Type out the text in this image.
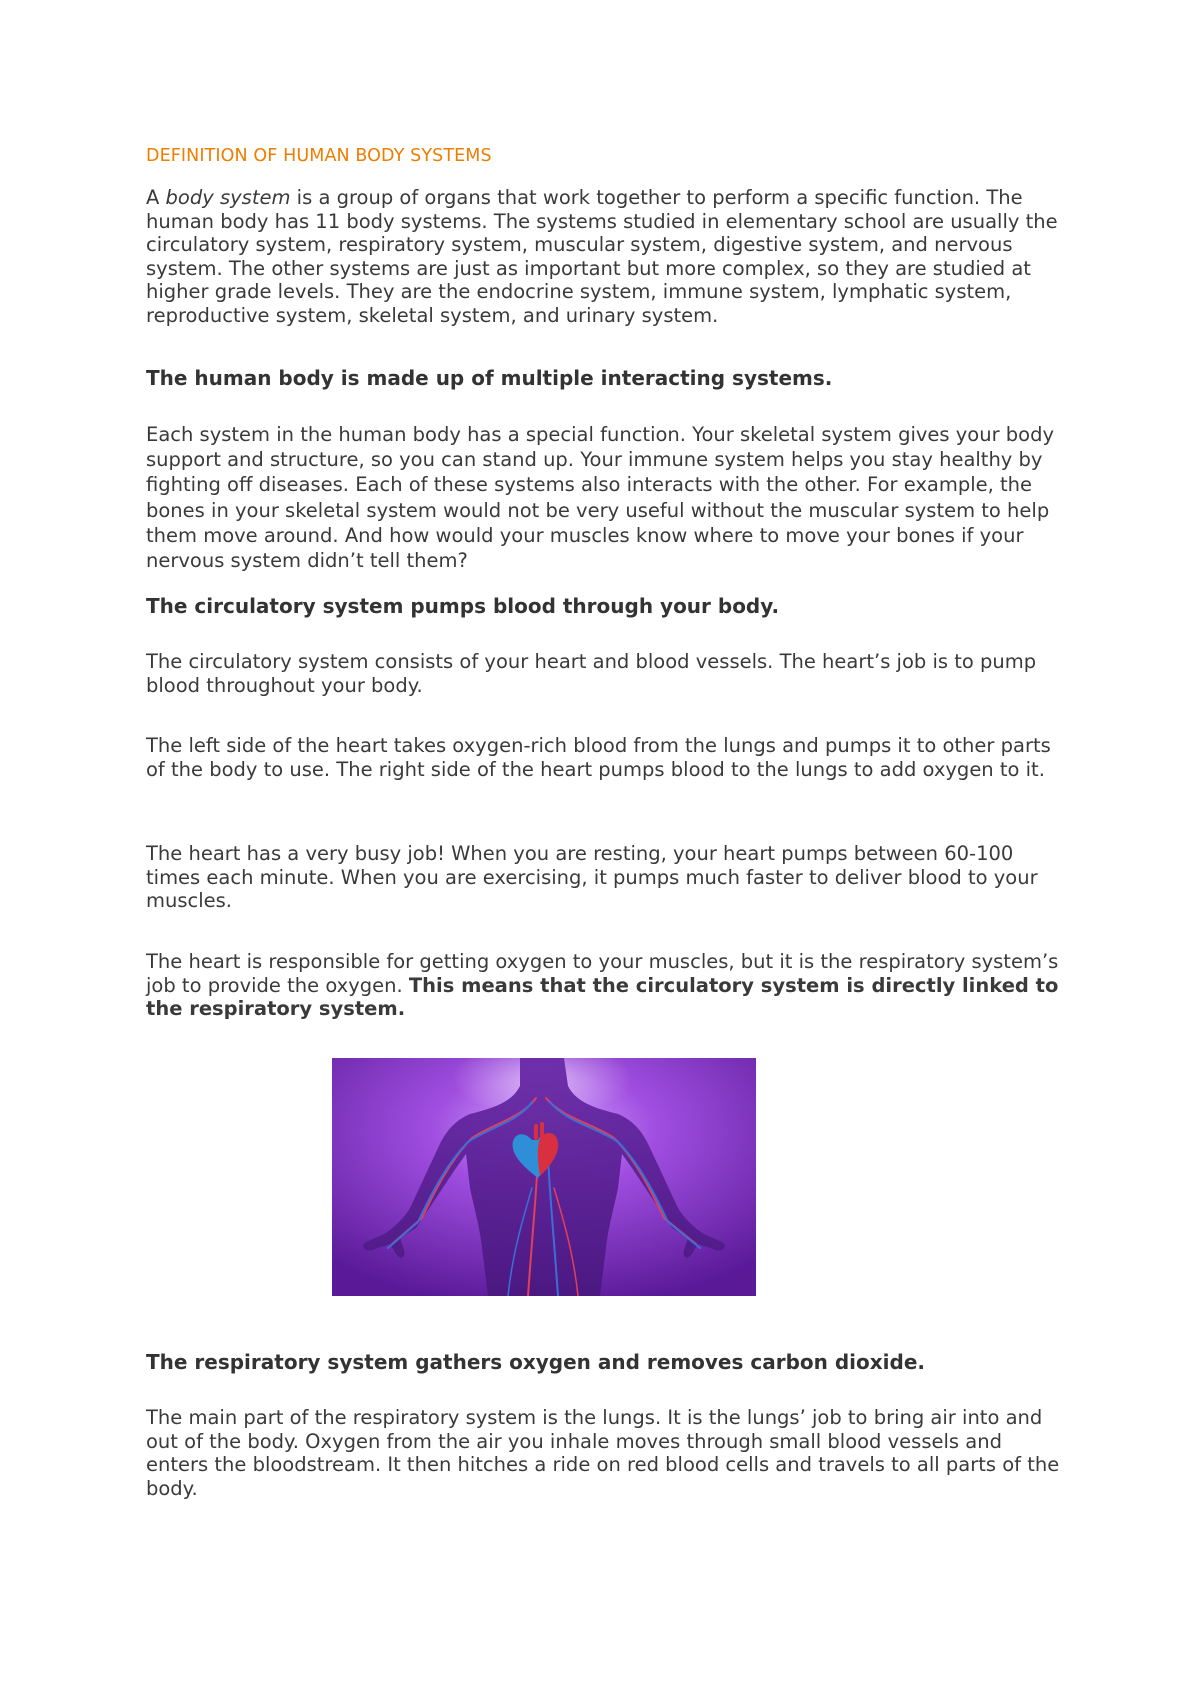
DEFINITION OF HUMAN BODY SYSTEMS

A body system is a group of organs that work together to perform a specific function. The human body has 11 body systems. The systems studied in elementary school are usually the circulatory system, respiratory system, muscular system, digestive system, and nervous system. The other systems are just as important but more complex, so they are studied at higher grade levels. They are the endocrine system, immune system, lymphatic system, reproductive system, skeletal system, and urinary system.

The human body is made up of multiple interacting systems.

Each system in the human body has a special function. Your skeletal system gives your body support and structure, so you can stand up. Your immune system helps you stay healthy by fighting off diseases. Each of these systems also interacts with the other. For example, the bones in your skeletal system would not be very useful without the muscular system to help them move around. And how would your muscles know where to move your bones if your nervous system didn’t tell them?

The circulatory system pumps blood through your body.

The circulatory system consists of your heart and blood vessels. The heart’s job is to pump blood throughout your body.

The left side of the heart takes oxygen-rich blood from the lungs and pumps it to other parts of the body to use. The right side of the heart pumps blood to the lungs to add oxygen to it.

The heart has a very busy job! When you are resting, your heart pumps between 60-100 times each minute. When you are exercising, it pumps much faster to deliver blood to your muscles.

The heart is responsible for getting oxygen to your muscles, but it is the respiratory system’s job to provide the oxygen. This means that the circulatory system is directly linked to the respiratory system.

The respiratory system gathers oxygen and removes carbon dioxide.

The main part of the respiratory system is the lungs. It is the lungs’ job to bring air into and out of the body. Oxygen from the air you inhale moves through small blood vessels and enters the bloodstream. It then hitches a ride on red blood cells and travels to all parts of the body.
